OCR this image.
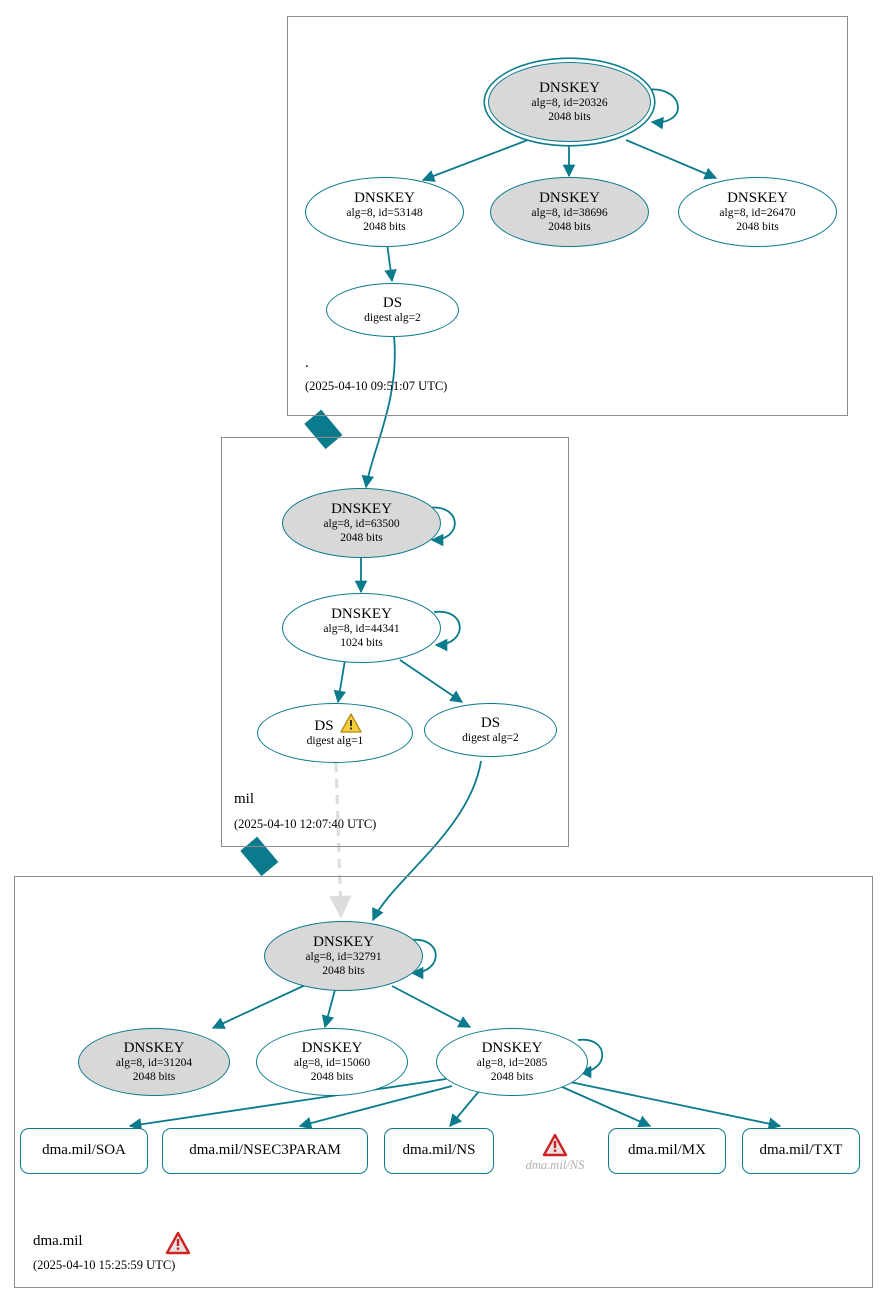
.
(2025-04-10 09:51:07 UTC)
DNSKEY
alg=8, id=20326
2048 bits
DNSKEY
alg=8, id=53148
2048 bits
DNSKEY
alg=8, id=38696
2048 bits
DNSKEY
alg=8, id=26470
2048 bits
DS
digest alg=2
mil
(2025-04-10 12:07:40 UTC)
DNSKEY
alg=8, id=63500
2048 bits
DNSKEY
alg=8, id=44341
1024 bits
DS
digest alg=1
DS
digest alg=2
dma.mil
(2025-04-10 15:25:59 UTC)
DNSKEY
alg=8, id=32791
2048 bits
DNSKEY
alg=8, id=31204
2048 bits
DNSKEY
alg=8, id=15060
2048 bits
DNSKEY
alg=8, id=2085
2048 bits
dma.mil/SOA	dma.mil/NSEC3PARAM	dma.mil/NS	dma.mil/MX	dma.mil/TXT
dma.mil/NS
